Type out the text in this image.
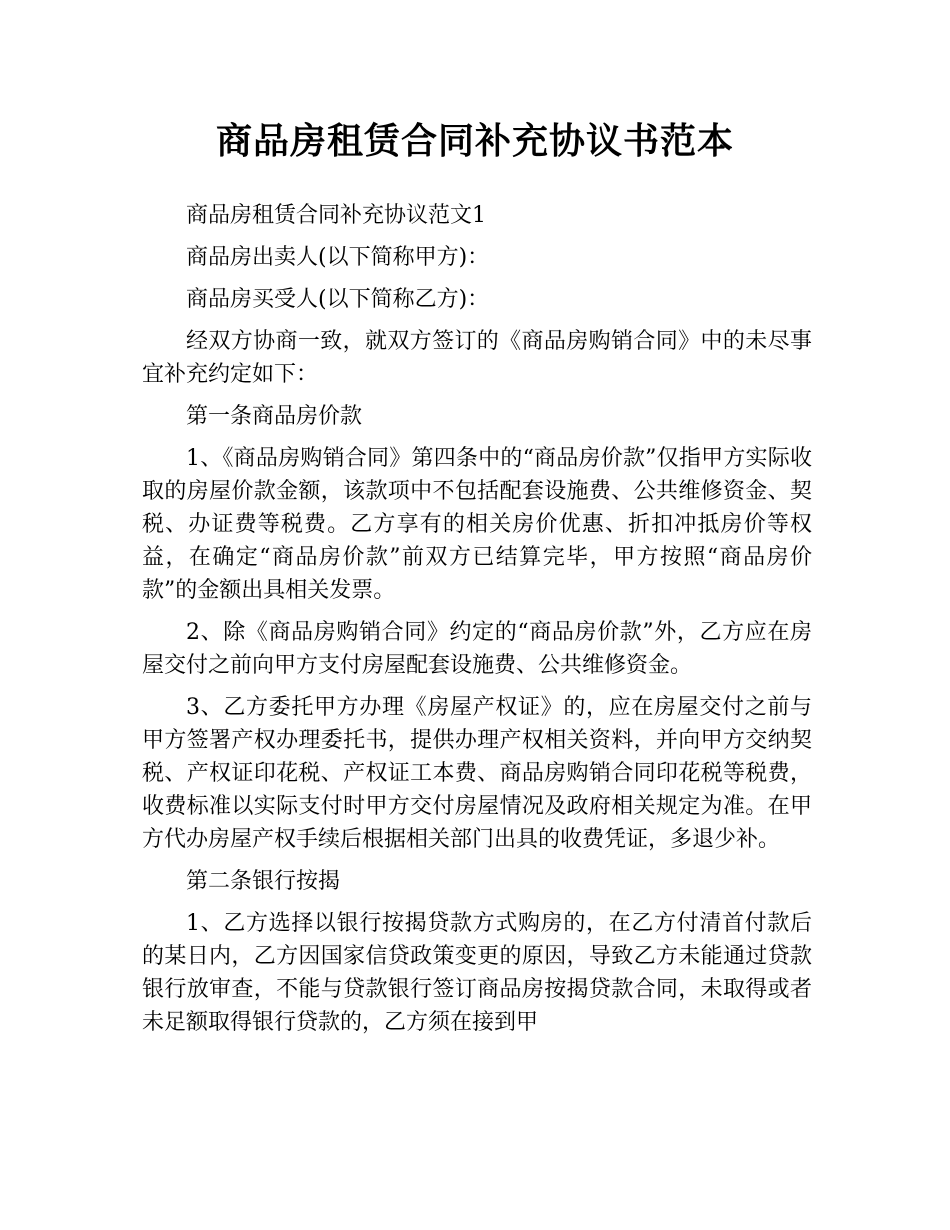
商品房租赁合同补充协议书范本

商品房租赁合同补充协议范文1

商品房出卖人(以下简称甲方)：

商品房买受人(以下简称乙方)：

经双方协商一致，就双方签订的《商品房购销合同》中的未尽事宜补充约定如下：

第一条商品房价款

1、《商品房购销合同》第四条中的“商品房价款”仅指甲方实际收取的房屋价款金额，该款项中不包括配套设施费、公共维修资金、契税、办证费等税费。乙方享有的相关房价优惠、折扣冲抵房价等权益，在确定“商品房价款”前双方已结算完毕，甲方按照“商品房价款”的金额出具相关发票。

2、除《商品房购销合同》约定的“商品房价款”外，乙方应在房屋交付之前向甲方支付房屋配套设施费、公共维修资金。

3、乙方委托甲方办理《房屋产权证》的，应在房屋交付之前与甲方签署产权办理委托书，提供办理产权相关资料，并向甲方交纳契税、产权证印花税、产权证工本费、商品房购销合同印花税等税费，收费标准以实际支付时甲方交付房屋情况及政府相关规定为准。在甲方代办房屋产权手续后根据相关部门出具的收费凭证，多退少补。

第二条银行按揭

1、乙方选择以银行按揭贷款方式购房的，在乙方付清首付款后的某日内，乙方因国家信贷政策变更的原因，导致乙方未能通过贷款银行放审查，不能与贷款银行签订商品房按揭贷款合同，未取得或者未足额取得银行贷款的，乙方须在接到甲
